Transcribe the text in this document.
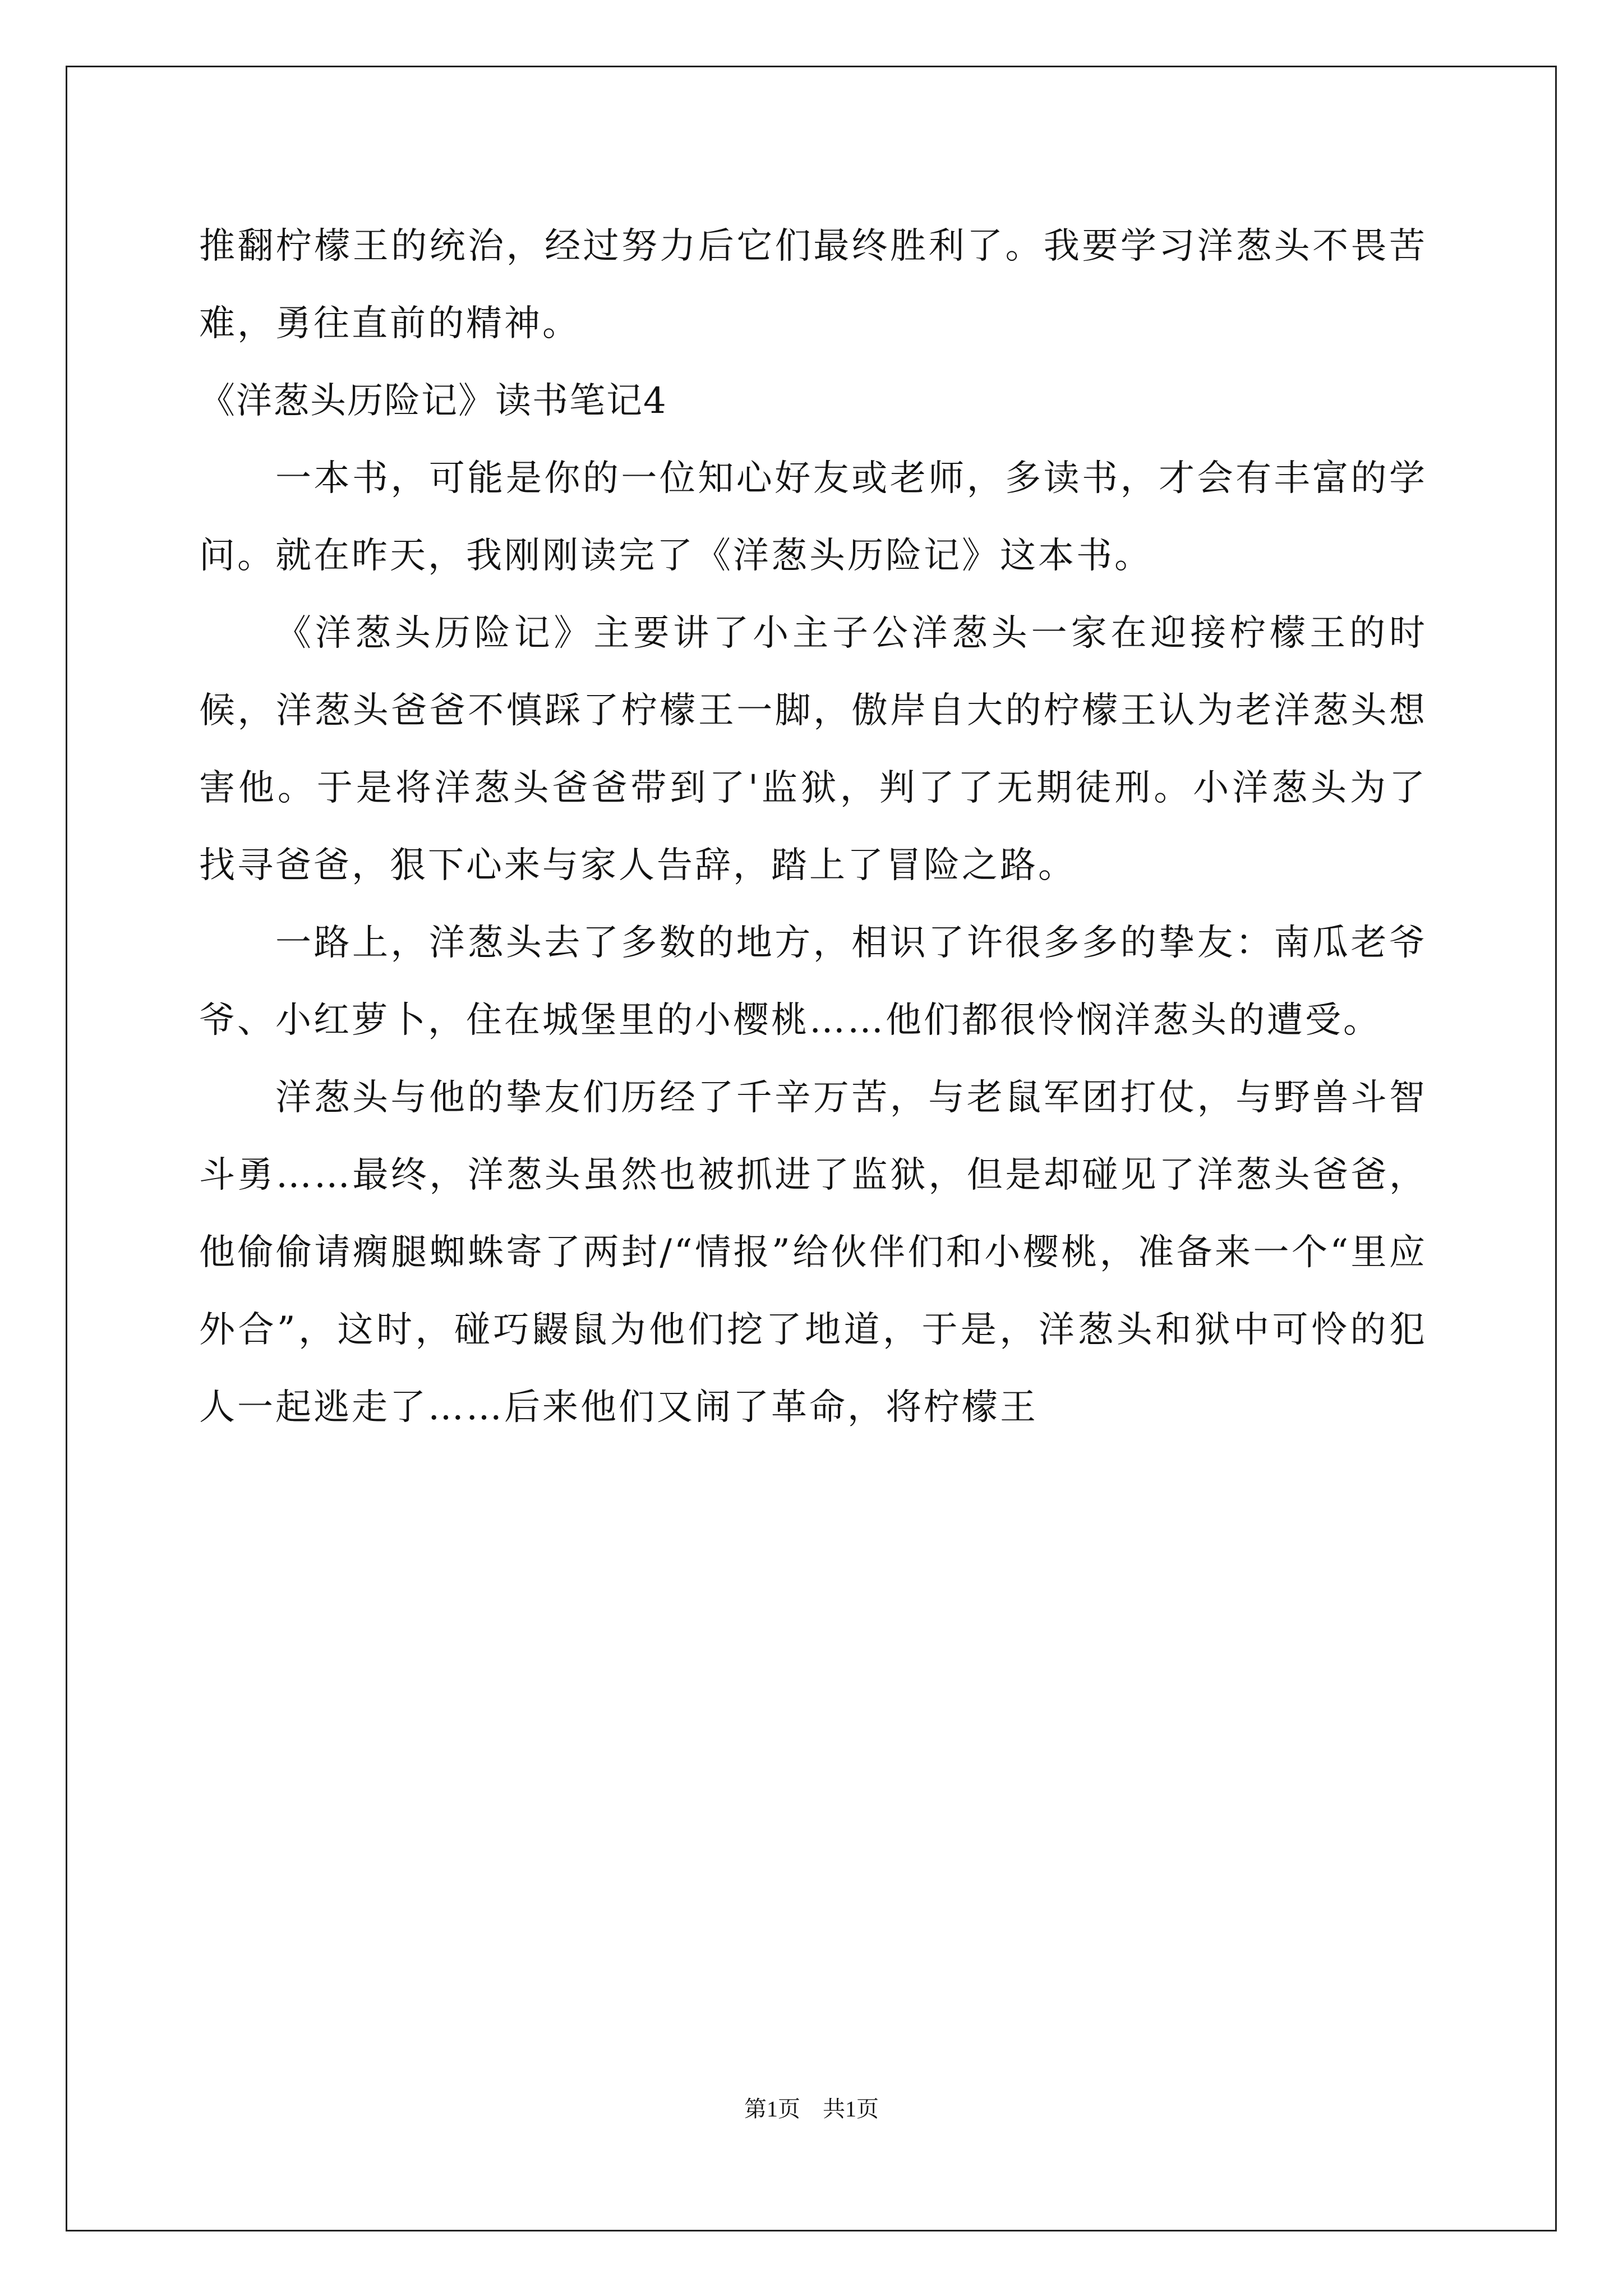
推翻柠檬王的统治，经过努力后它们最终胜利了。我要学习洋葱头不畏苦难，勇往直前的精神。

《洋葱头历险记》读书笔记4

一本书，可能是你的一位知心好友或老师，多读书，才会有丰富的学问。就在昨天，我刚刚读完了《洋葱头历险记》这本书。

《洋葱头历险记》主要讲了小主子公洋葱头一家在迎接柠檬王的时候，洋葱头爸爸不慎踩了柠檬王一脚，傲岸自大的柠檬王认为老洋葱头想害他。于是将洋葱头爸爸带到了'监狱，判了了无期徒刑。小洋葱头为了找寻爸爸，狠下心来与家人告辞，踏上了冒险之路。

一路上，洋葱头去了多数的地方，相识了许很多多的挚友：南瓜老爷爷、小红萝卜，住在城堡里的小樱桃……他们都很怜悯洋葱头的遭受。

洋葱头与他的挚友们历经了千辛万苦，与老鼠军团打仗，与野兽斗智斗勇……最终，洋葱头虽然也被抓进了监狱，但是却碰见了洋葱头爸爸，他偷偷请瘸腿蜘蛛寄了两封/“情报”给伙伴们和小樱桃，准备来一个“里应外合”，这时，碰巧鼹鼠为他们挖了地道，于是，洋葱头和狱中可怜的犯人一起逃走了……后来他们又闹了革命，将柠檬王

第1页 共1页
